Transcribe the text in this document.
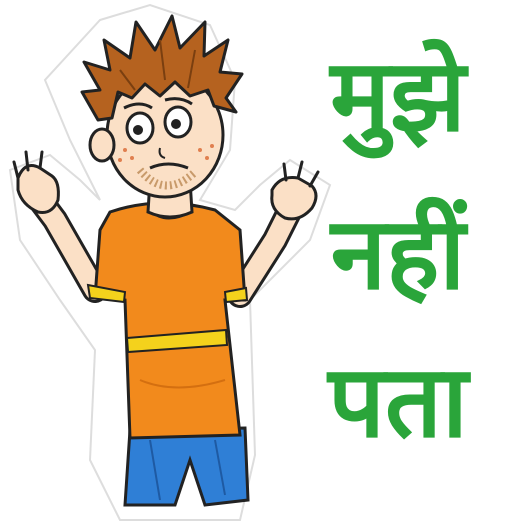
मुझे
नहीं
पता
